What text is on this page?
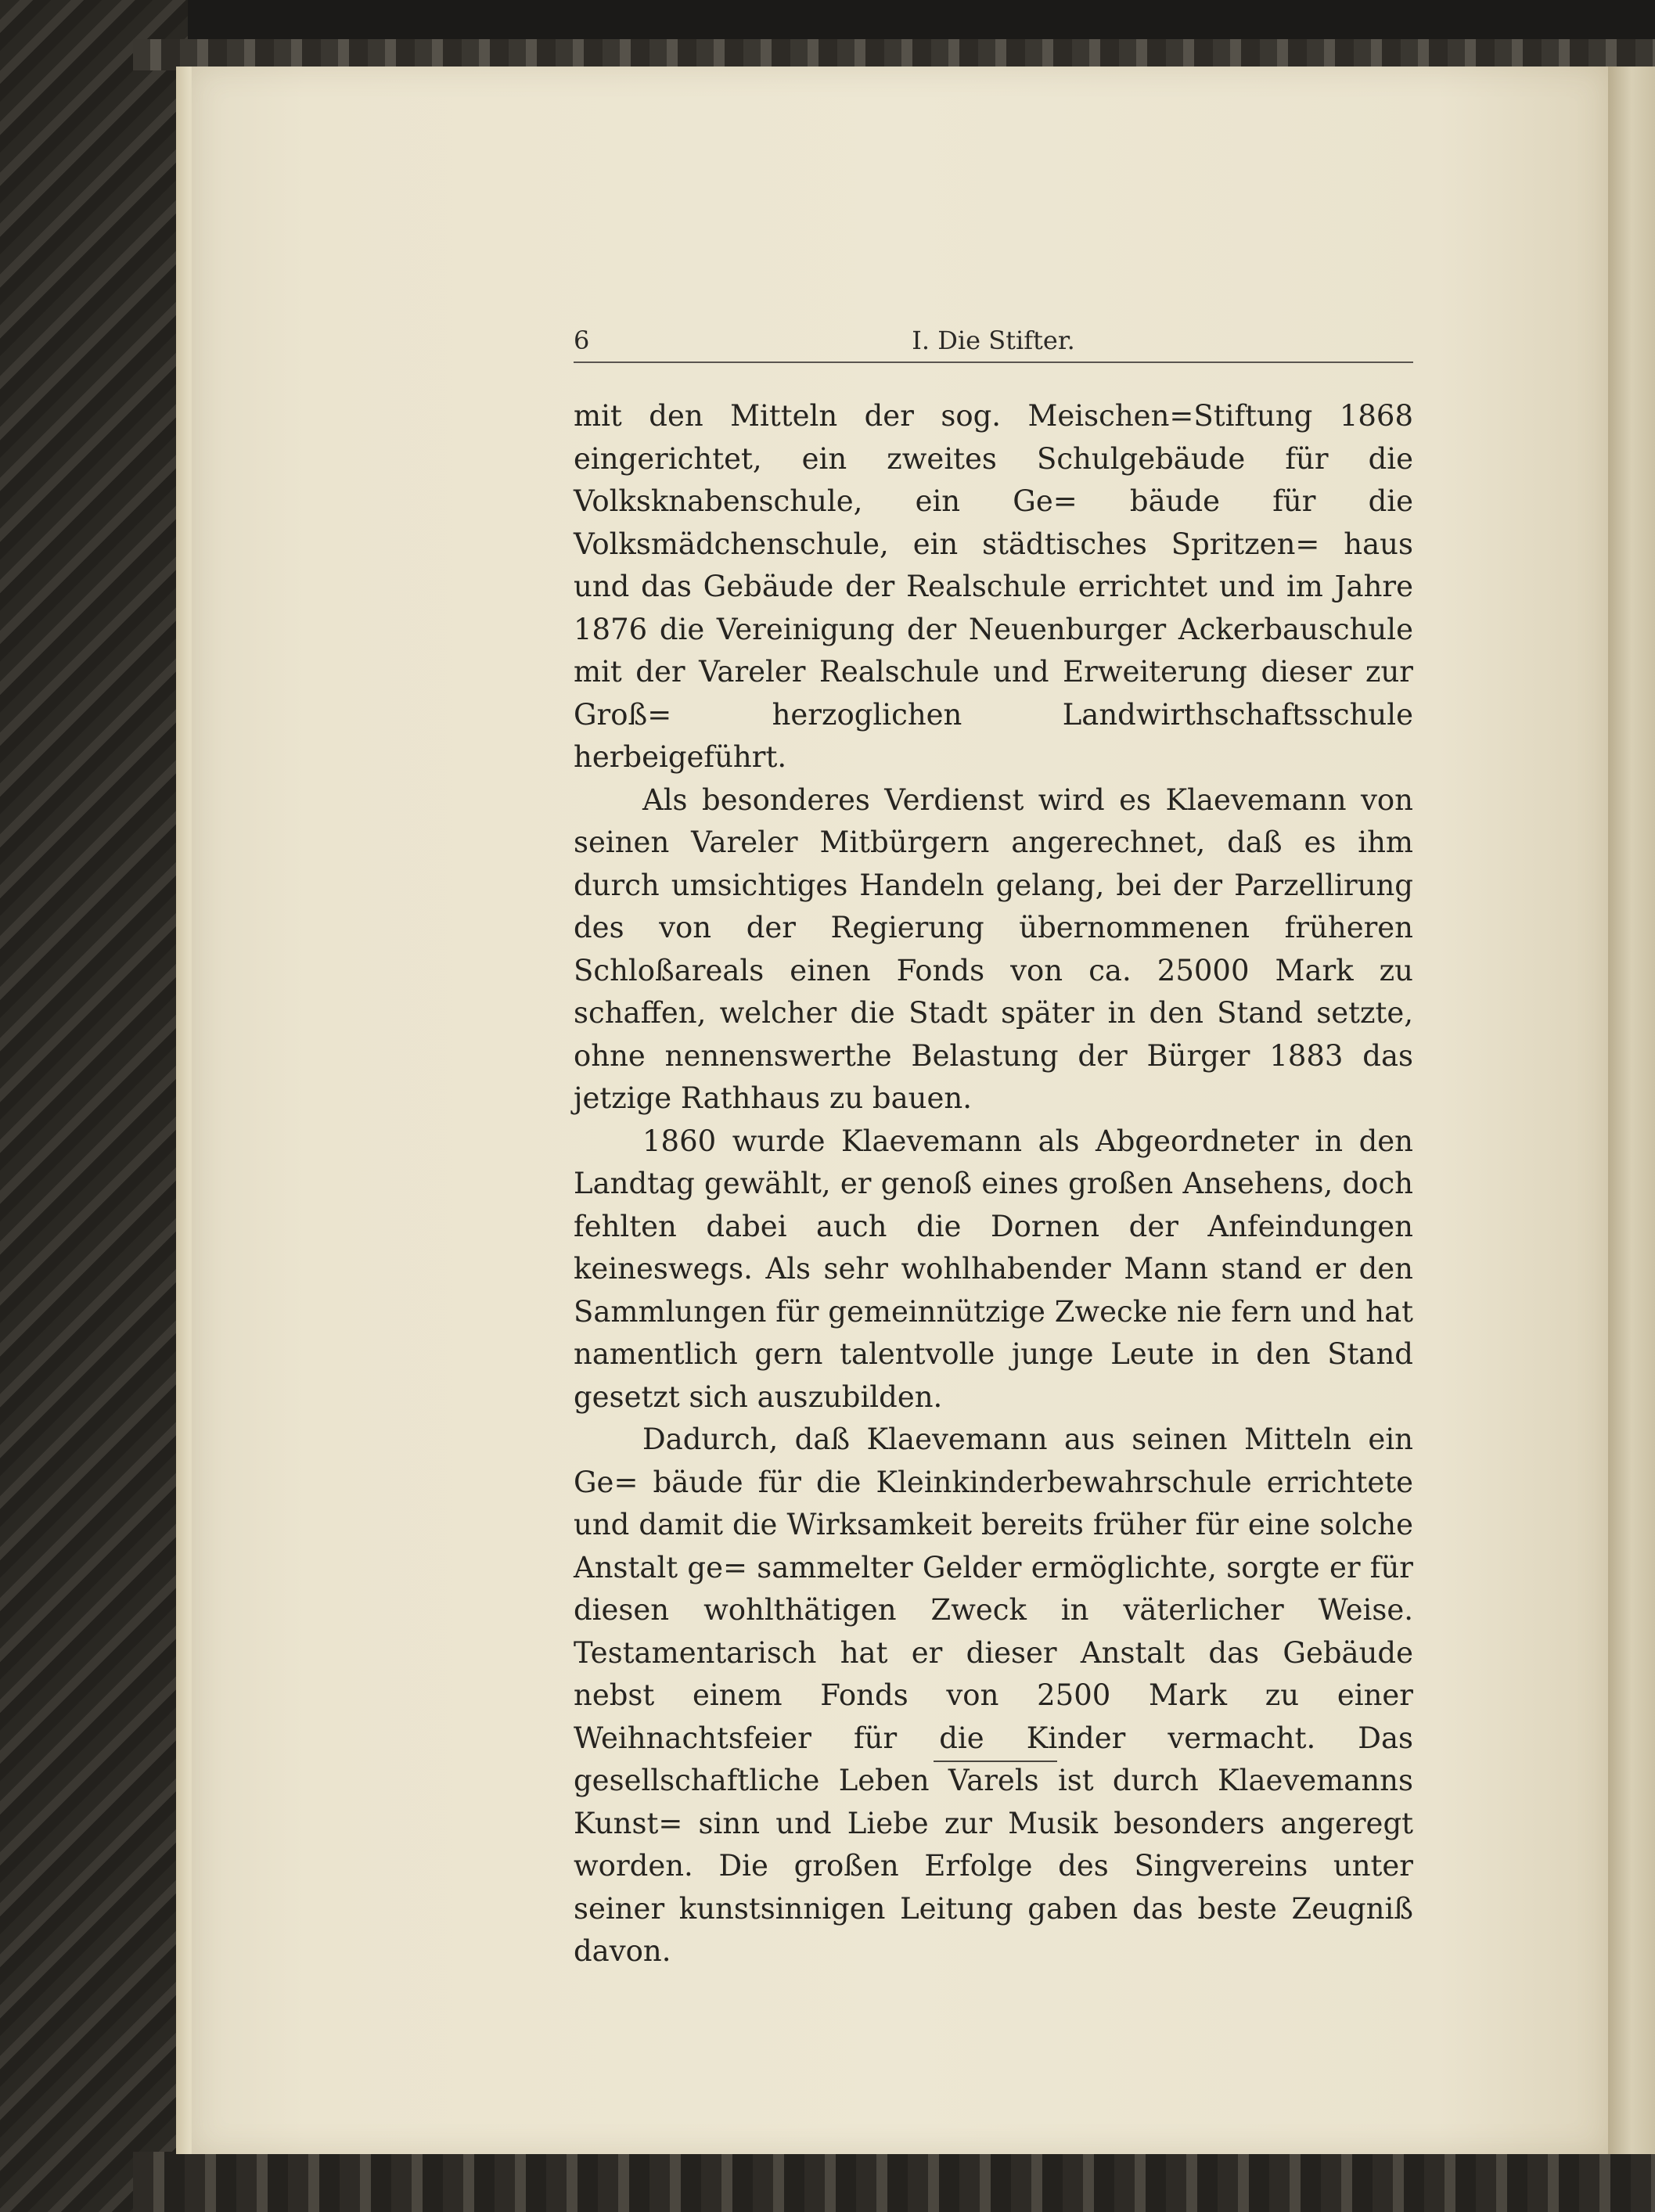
6	I. Die Stifter.

mit den Mitteln der sog. Meischen=Stiftung 1868 eingerichtet, ein zweites Schulgebäude für die Volksknabenschule, ein Ge= bäude für die Volksmädchenschule, ein städtisches Spritzen= haus und das Gebäude der Realschule errichtet und im Jahre 1876 die Vereinigung der Neuenburger Ackerbauschule mit der Vareler Realschule und Erweiterung dieser zur Groß= herzoglichen Landwirthschaftsschule herbeigeführt.

Als besonderes Verdienst wird es Klaevemann von seinen Vareler Mitbürgern angerechnet, daß es ihm durch umsichtiges Handeln gelang, bei der Parzellirung des von der Regierung übernommenen früheren Schloßareals einen Fonds von ca. 25000 Mark zu schaffen, welcher die Stadt später in den Stand setzte, ohne nennenswerthe Belastung der Bürger 1883 das jetzige Rathhaus zu bauen.

1860 wurde Klaevemann als Abgeordneter in den Landtag gewählt, er genoß eines großen Ansehens, doch fehlten dabei auch die Dornen der Anfeindungen keineswegs. Als sehr wohlhabender Mann stand er den Sammlungen für gemeinnützige Zwecke nie fern und hat namentlich gern talentvolle junge Leute in den Stand gesetzt sich auszubilden.

Dadurch, daß Klaevemann aus seinen Mitteln ein Ge= bäude für die Kleinkinderbewahrschule errichtete und damit die Wirksamkeit bereits früher für eine solche Anstalt ge= sammelter Gelder ermöglichte, sorgte er für diesen wohlthätigen Zweck in väterlicher Weise. Testamentarisch hat er dieser Anstalt das Gebäude nebst einem Fonds von 2500 Mark zu einer Weihnachtsfeier für die Kinder vermacht. Das gesellschaftliche Leben Varels ist durch Klaevemanns Kunst= sinn und Liebe zur Musik besonders angeregt worden. Die großen Erfolge des Singvereins unter seiner kunstsinnigen Leitung gaben das beste Zeugniß davon.
